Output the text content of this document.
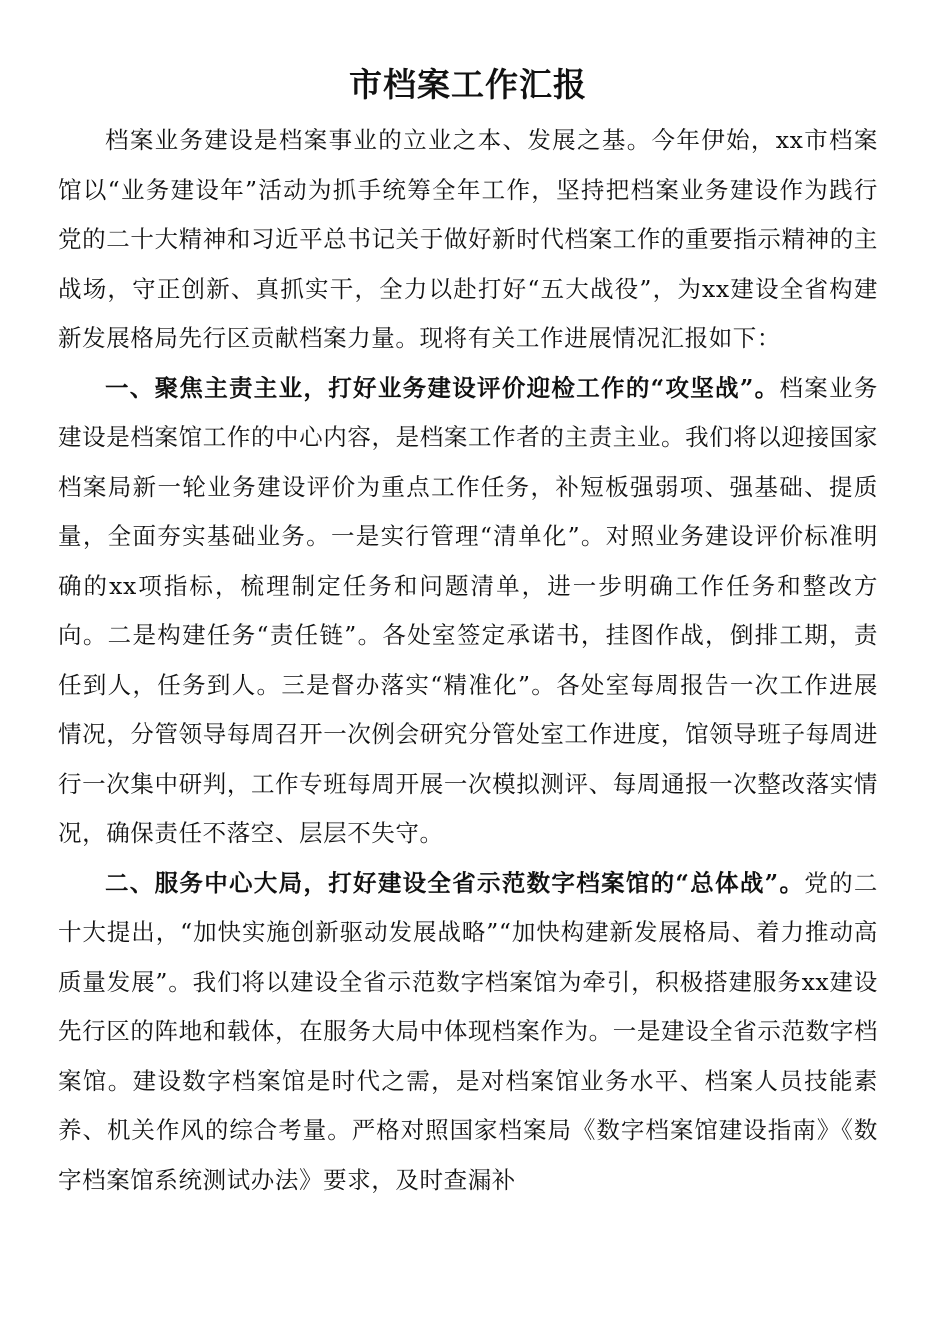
市档案工作汇报

档案业务建设是档案事业的立业之本、发展之基。今年伊始，xx市档案馆以“业务建设年”活动为抓手统筹全年工作，坚持把档案业务建设作为践行党的二十大精神和习近平总书记关于做好新时代档案工作的重要指示精神的主战场，守正创新、真抓实干，全力以赴打好“五大战役”，为xx建设全省构建新发展格局先行区贡献档案力量。现将有关工作进展情况汇报如下：

一、聚焦主责主业，打好业务建设评价迎检工作的“攻坚战”。档案业务建设是档案馆工作的中心内容，是档案工作者的主责主业。我们将以迎接国家档案局新一轮业务建设评价为重点工作任务，补短板强弱项、强基础、提质量，全面夯实基础业务。一是实行管理“清单化”。对照业务建设评价标准明确的xx项指标，梳理制定任务和问题清单，进一步明确工作任务和整改方向。二是构建任务“责任链”。各处室签定承诺书，挂图作战，倒排工期，责任到人，任务到人。三是督办落实“精准化”。各处室每周报告一次工作进展情况，分管领导每周召开一次例会研究分管处室工作进度，馆领导班子每周进行一次集中研判，工作专班每周开展一次模拟测评、每周通报一次整改落实情况，确保责任不落空、层层不失守。

二、服务中心大局，打好建设全省示范数字档案馆的“总体战”。党的二十大提出，“加快实施创新驱动发展战略”“加快构建新发展格局、着力推动高质量发展”。我们将以建设全省示范数字档案馆为牵引，积极搭建服务xx建设先行区的阵地和载体，在服务大局中体现档案作为。一是建设全省示范数字档案馆。建设数字档案馆是时代之需，是对档案馆业务水平、档案人员技能素养、机关作风的综合考量。严格对照国家档案局《数字档案馆建设指南》《数字档案馆系统测试办法》要求，及时查漏补
